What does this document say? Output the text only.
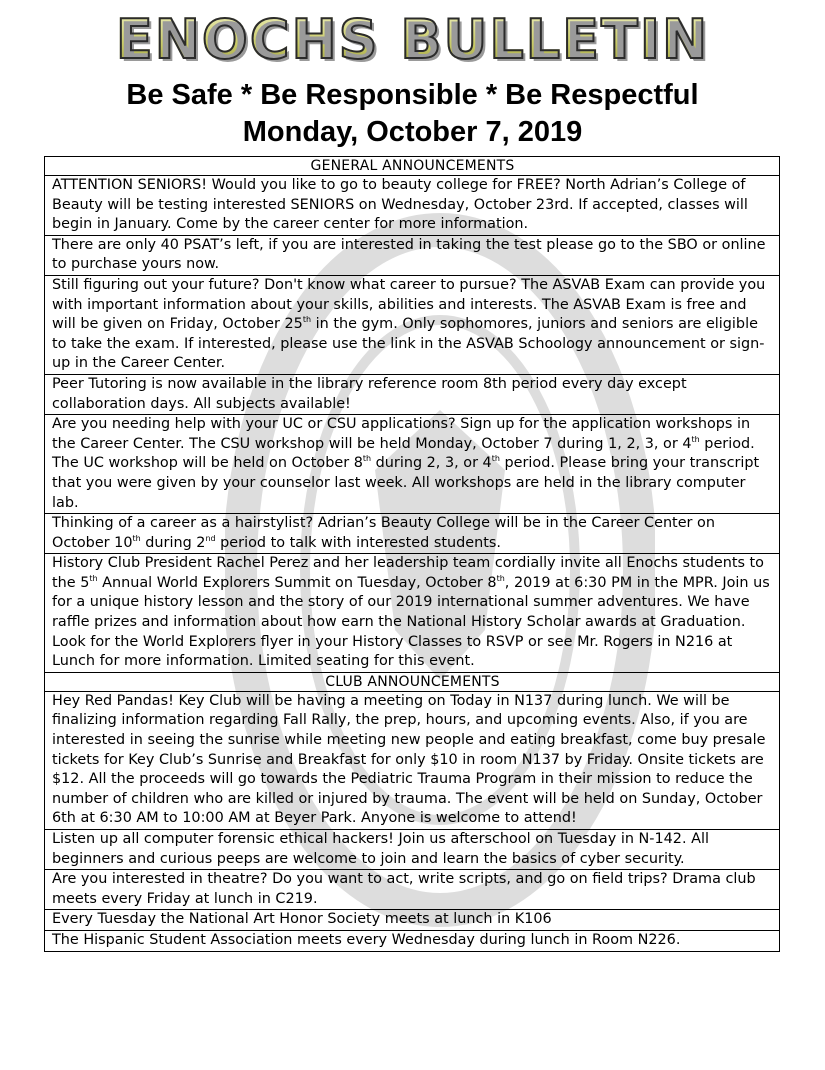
ENOCHS BULLETIN
Be Safe * Be Responsible * Be Respectful
Monday, October 7, 2019
GENERAL ANNOUNCEMENTS
ATTENTION SENIORS! Would you like to go to beauty college for FREE? North Adrian’s College of Beauty will be testing interested SENIORS on Wednesday, October 23rd. If accepted, classes will begin in January. Come by the career center for more information.
There are only 40 PSAT’s left, if you are interested in taking the test please go to the SBO or online to purchase yours now.
Still figuring out your future? Don't know what career to pursue? The ASVAB Exam can provide you with important information about your skills, abilities and interests. The ASVAB Exam is free and will be given on Friday, October 25th in the gym. Only sophomores, juniors and seniors are eligible to take the exam. If interested, please use the link in the ASVAB Schoology announcement or sign-up in the Career Center.
Peer Tutoring is now available in the library reference room 8th period every day except collaboration days. All subjects available!
Are you needing help with your UC or CSU applications? Sign up for the application workshops in the Career Center. The CSU workshop will be held Monday, October 7 during 1, 2, 3, or 4th period. The UC workshop will be held on October 8th during 2, 3, or 4th period. Please bring your transcript that you were given by your counselor last week. All workshops are held in the library computer lab.
Thinking of a career as a hairstylist? Adrian’s Beauty College will be in the Career Center on October 10th during 2nd period to talk with interested students.
History Club President Rachel Perez and her leadership team cordially invite all Enochs students to the 5th Annual World Explorers Summit on Tuesday, October 8th, 2019 at 6:30 PM in the MPR. Join us for a unique history lesson and the story of our 2019 international summer adventures. We have raffle prizes and information about how earn the National History Scholar awards at Graduation. Look for the World Explorers flyer in your History Classes to RSVP or see Mr. Rogers in N216 at Lunch for more information. Limited seating for this event.
CLUB ANNOUNCEMENTS
Hey Red Pandas! Key Club will be having a meeting on Today in N137 during lunch. We will be finalizing information regarding Fall Rally, the prep, hours, and upcoming events. Also, if you are interested in seeing the sunrise while meeting new people and eating breakfast, come buy presale tickets for Key Club’s Sunrise and Breakfast for only $10 in room N137 by Friday. Onsite tickets are $12. All the proceeds will go towards the Pediatric Trauma Program in their mission to reduce the number of children who are killed or injured by trauma. The event will be held on Sunday, October 6th at 6:30 AM to 10:00 AM at Beyer Park. Anyone is welcome to attend!
Listen up all computer forensic ethical hackers! Join us afterschool on Tuesday in N-142. All beginners and curious peeps are welcome to join and learn the basics of cyber security.
Are you interested in theatre? Do you want to act, write scripts, and go on field trips? Drama club meets every Friday at lunch in C219.
Every Tuesday the National Art Honor Society meets at lunch in K106
The Hispanic Student Association meets every Wednesday during lunch in Room N226.
